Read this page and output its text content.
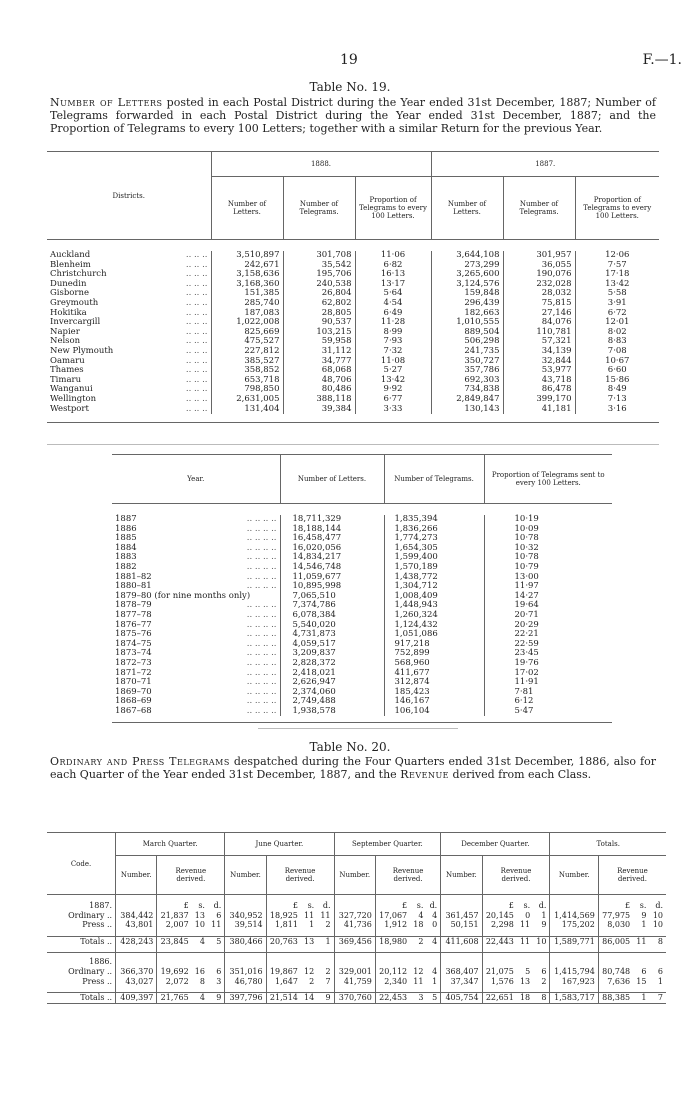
19	F.—1.
Table No. 19.
Number of Letters posted in each Postal District during the Year ended 31st December, 1887; Number of Telegrams forwarded in each Postal District during the Year ended 31st December, 1887; and the Proportion of Telegrams to every 100 Letters; together with a similar Return for the previous Year.
Districts.	1888.			1887.		
	Number of Letters.	Number of Telegrams.	Proportion of Telegrams to every 100 Letters.	Number of Letters.	Number of Telegrams.	Proportion of Telegrams to every 100 Letters.

Auckland .. .. ..	3,510,897	301,708	11·06	3,644,108	301,957	12·06
Blenheim .. .. ..	242,671	35,542	6·82	273,299	36,055	7·57
Christchurch .. .. ..	3,158,636	195,706	16·13	3,265,600	190,076	17·18
Dunedin .. .. ..	3,168,360	240,538	13·17	3,124,576	232,028	13·42
Gisborne .. .. ..	151,385	26,804	5·64	159,848	28,032	5·58
Greymouth .. .. ..	285,740	62,802	4·54	296,439	75,815	3·91
Hokitika .. .. ..	187,083	28,805	6·49	182,663	27,146	6·72
Invercargill .. .. ..	1,022,008	90,537	11·28	1,010,555	84,076	12·01
Napier .. .. ..	825,669	103,215	8·99	889,504	110,781	8·02
Nelson .. .. ..	475,527	59,958	7·93	506,298	57,321	8·83
New Plymouth .. .. ..	227,812	31,112	7·32	241,735	34,139	7·08
Oamaru .. .. ..	385,527	34,777	11·08	350,727	32,844	10·67
Thames .. .. ..	358,852	68,068	5·27	357,786	53,977	6·60
Timaru .. .. ..	653,718	48,706	13·42	692,303	43,718	15·86
Wanganui .. .. ..	798,850	80,486	9·92	734,838	86,478	8·49
Wellington .. .. ..	2,631,005	388,118	6·77	2,849,847	399,170	7·13
Westport .. .. ..	131,404	39,384	3·33	130,143	41,181	3·16

Year.	Number of Letters.	Number of Telegrams.	Proportion of Telegrams sent to every 100 Letters.

1887 .. .. .. ..	18,711,329	1,835,394	10·19
1886 .. .. .. ..	18,188,144	1,836,266	10·09
1885 .. .. .. ..	16,458,477	1,774,273	10·78
1884 .. .. .. ..	16,020,056	1,654,305	10·32
1883 .. .. .. ..	14,834,217	1,599,400	10·78
1882 .. .. .. ..	14,546,748	1,570,189	10·79
1881–82 .. .. .. ..	11,059,677	1,438,772	13·00
1880–81 .. .. .. ..	10,895,998	1,304,712	11·97
1879–80 (for nine months only)	7,065,510	1,008,409	14·27
1878–79 .. .. .. ..	7,374,786	1,448,943	19·64
1877–78 .. .. .. ..	6,078,384	1,260,324	20·71
1876–77 .. .. .. ..	5,540,020	1,124,432	20·29
1875–76 .. .. .. ..	4,731,873	1,051,086	22·21
1874–75 .. .. .. ..	4,059,517	917,218	22·59
1873–74 .. .. .. ..	3,209,837	752,899	23·45
1872–73 .. .. .. ..	2,828,372	568,960	19·76
1871–72 .. .. .. ..	2,418,021	411,677	17·02
1870–71 .. .. .. ..	2,626,947	312,874	11·91
1869–70 .. .. .. ..	2,374,060	185,423	7·81
1868–69 .. .. .. ..	2,749,488	146,167	6·12
1867–68 .. .. .. ..	1,938,578	106,104	5·47

Table No. 20.
Ordinary and Press Telegrams despatched during the Four Quarters ended 31st December, 1886, also for each Quarter of the Year ended 31st December, 1887, and the Revenue derived from each Class.
Code.	March Quarter.				June Quarter.				September Quarter.				December Quarter.				Totals.			
	Number.	Revenue derived.			Number.	Revenue derived.			Number.	Revenue derived.			Number.	Revenue derived.			Number.	Revenue derived.		
1887.		£	s.	d.		£	s.	d.		£	s.	d.		£	s.	d.		£	s.	d.
Ordinary ..	384,442	21,837	13	6	340,952	18,925	11	11	327,720	17,067	4	4	361,457	20,145	0	1	1,414,569	77,975	9	10
Press ..	43,801	2,007	10	11	39,514	1,811	1	2	41,736	1,912	18	0	50,151	2,298	11	9	175,202	8,030	1	10

Totals ..	428,243	23,845	4	5	380,466	20,763	13	1	369,456	18,980	2	4	411,608	22,443	11	10	1,589,771	86,005	11	8

1886.																				
Ordinary ..	366,370	19,692	16	6	351,016	19,867	12	2	329,001	20,112	12	4	368,407	21,075	5	6	1,415,794	80,748	6	6
Press ..	43,027	2,072	8	3	46,780	1,647	2	7	41,759	2,340	11	1	37,347	1,576	13	2	167,923	7,636	15	1

Totals ..	409,397	21,765	4	9	397,796	21,514	14	9	370,760	22,453	3	5	405,754	22,651	18	8	1,583,717	88,385	1	7
